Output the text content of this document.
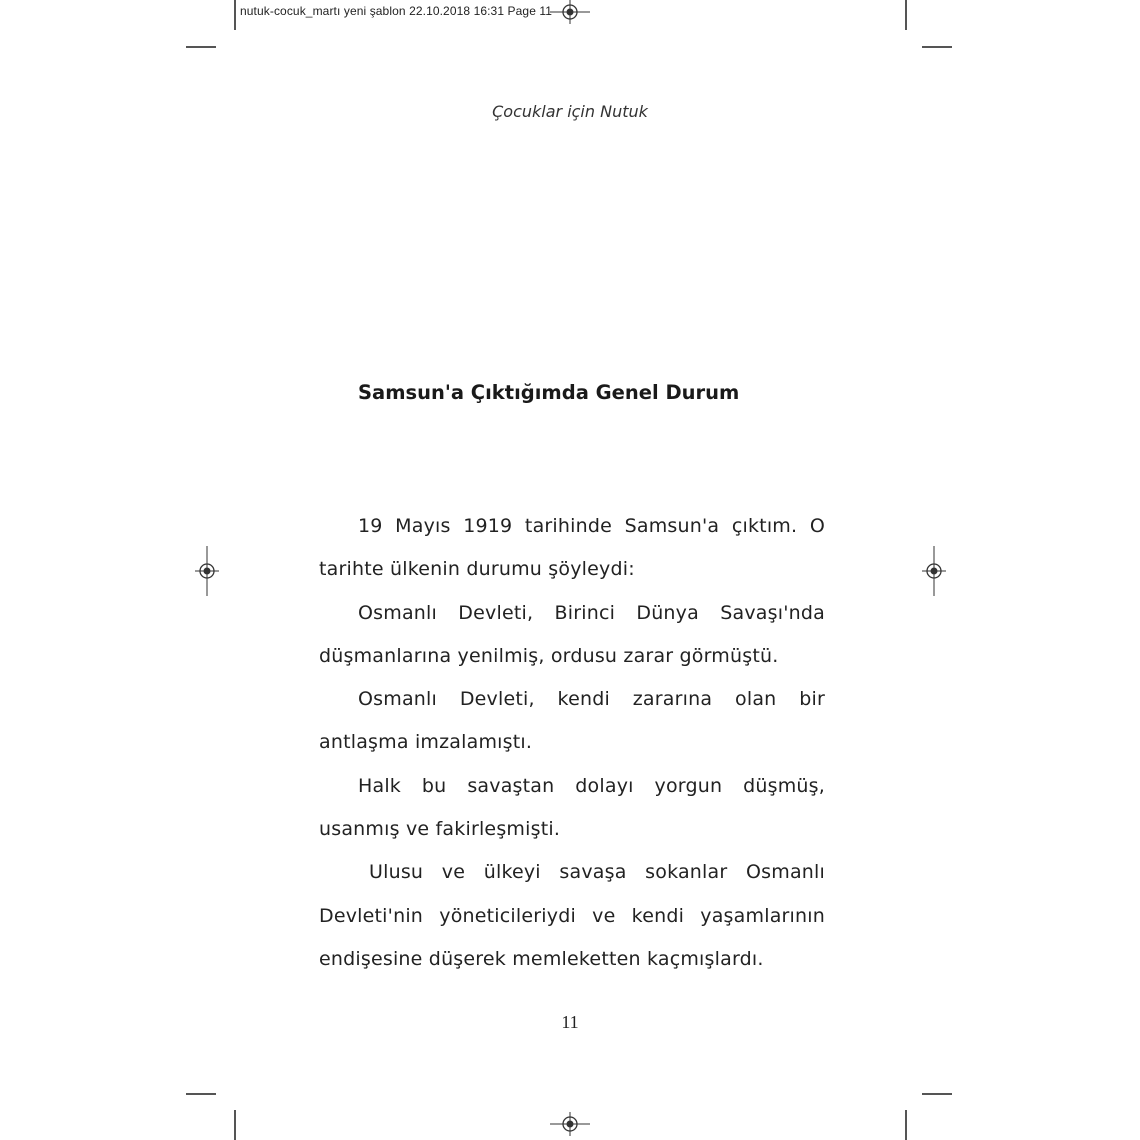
nutuk-cocuk_martı yeni şablon 22.10.2018 16:31 Page 11
Çocuklar için Nutuk
Samsun'a Çıktığımda Genel Durum

19 Mayıs 1919 tarihinde Samsun'a çıktım. O tarihte ülkenin durumu şöyleydi:

Osmanlı Devleti, Birinci Dünya Savaşı'nda düşmanlarına yenilmiş, ordusu zarar görmüştü.

Osmanlı Devleti, kendi zararına olan bir antlaşma imzalamıştı.

Halk bu savaştan dolayı yorgun düşmüş, usanmış ve fakirleşmişti.

Ulusu ve ülkeyi savaşa sokanlar Osmanlı Devleti'nin yöneticileriydi ve kendi yaşamlarının endişesine düşerek memleketten kaçmışlardı.

11
